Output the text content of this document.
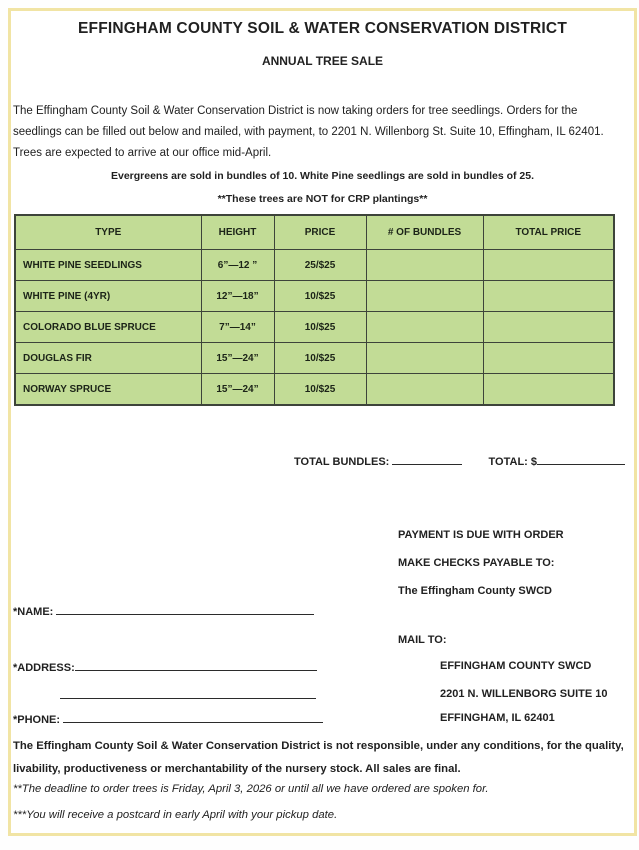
EFFINGHAM COUNTY SOIL & WATER CONSERVATION DISTRICT
ANNUAL TREE SALE
The Effingham County Soil & Water Conservation District is now taking orders for tree seedlings. Orders for the seedlings can be filled out below and mailed, with payment, to 2201 N. Willenborg St. Suite 10, Effingham, IL 62401. Trees are expected to arrive at our office mid-April.
Evergreens are sold in bundles of 10. White Pine seedlings are sold in bundles of 25.
**These trees are NOT for CRP plantings**
TYPE	HEIGHT	PRICE	# OF BUNDLES	TOTAL PRICE
WHITE PINE SEEDLINGS	6”—12 ”	25/$25		
WHITE PINE (4YR)	12”—18”	10/$25		
COLORADO BLUE SPRUCE	7”—14”	10/$25		
DOUGLAS FIR	15”—24”	10/$25		
NORWAY SPRUCE	15”—24”	10/$25		
TOTAL BUNDLES:	TOTAL: $
PAYMENT IS DUE WITH ORDER
MAKE CHECKS PAYABLE TO:
The Effingham County SWCD
*NAME:
MAIL TO:
*ADDRESS:
*PHONE:
EFFINGHAM COUNTY SWCD
2201 N. WILLENBORG SUITE 10
EFFINGHAM, IL 62401
The Effingham County Soil & Water Conservation District is not responsible, under any conditions, for the quality, livability, productiveness or merchantability of the nursery stock. All sales are final.
**The deadline to order trees is Friday, April 3, 2026 or until all we have ordered are spoken for.
***You will receive a postcard in early April with your pickup date.
